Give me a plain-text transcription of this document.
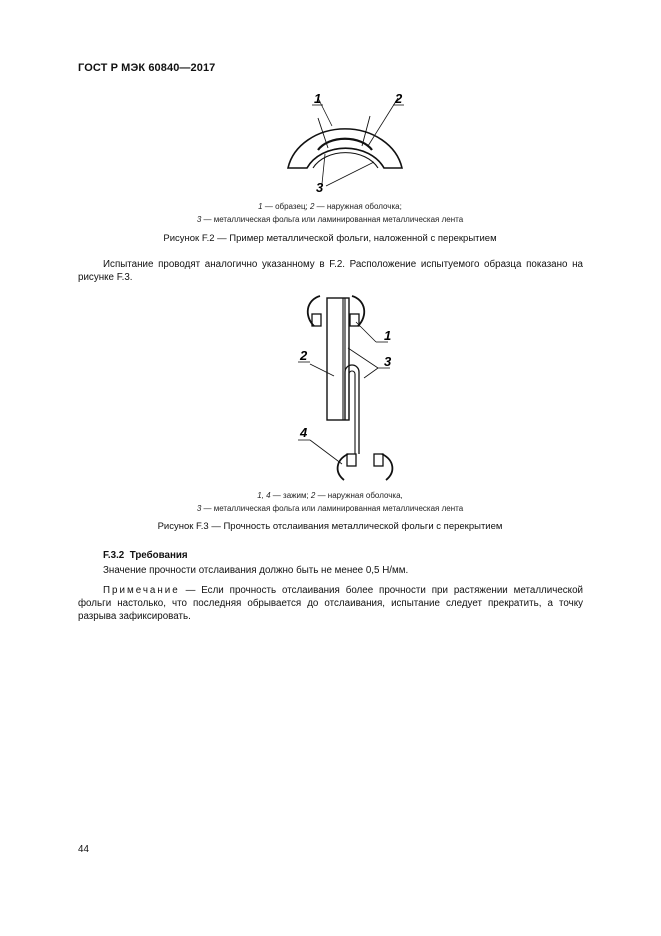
ГОСТ Р МЭК 60840—2017
1	2
3
1 — образец; 2 — наружная оболочка;
3 — металлическая фольга или ламинированная металлическая лента
Рисунок F.2 — Пример металлической фольги, наложенной с перекрытием
Испытание проводят аналогично указанному в F.2. Расположение испытуемого образца показано на рисунке F.3.
1
2	3
4
1, 4 — зажим; 2 — наружная оболочка,
3 — металлическая фольга или ламинированная металлическая лента
Рисунок F.3 — Прочность отслаивания металлической фольги с перекрытием
F.3.2 Требования
Значение прочности отслаивания должно быть не менее 0,5 Н/мм.
Примечание — Если прочность отслаивания более прочности при растяжении металлической фольги настолько, что последняя обрывается до отслаивания, испытание следует прекратить, а точку разрыва зафиксировать.
44
